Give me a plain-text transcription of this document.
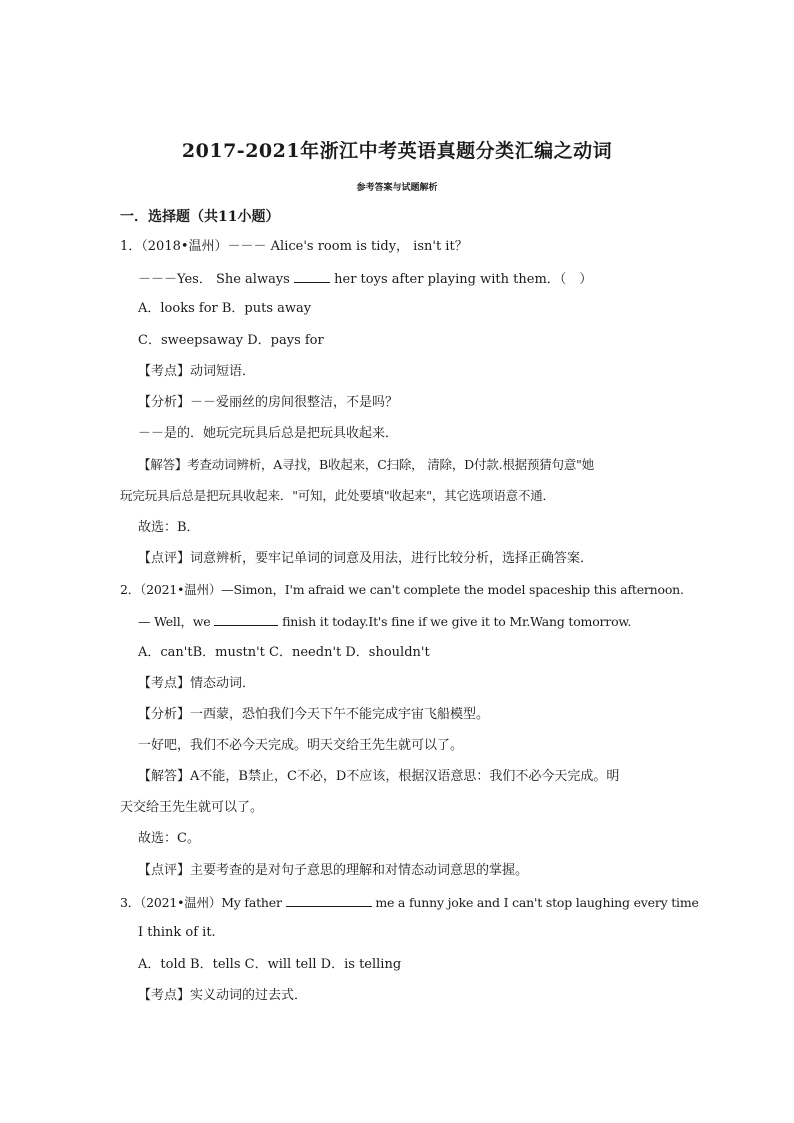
2017-2021年浙江中考英语真题分类汇编之动词
参考答案与试题解析
一．选择题（共11小题）
1．（2018•温州）－－－ Alice's room is tidy， isn't it？
－－－Yes． She always	her toys after playing with them．（　）
A．looks for B．puts away
C．sweepsaway D．pays for
【考点】动词短语．
【分析】－－爱丽丝的房间很整洁，不是吗？
－－是的．她玩完玩具后总是把玩具收起来．
【解答】考查动词辨析，A寻找，B收起来，C扫除， 清除，D付款.根据预猜句意"她
玩完玩具后总是把玩具收起来．"可知，此处要填"收起来"，其它选项语意不通．
故选：B．
【点评】词意辨析，要牢记单词的词意及用法，进行比较分析，选择正确答案．
2．（2021•温州）—Simon，I'm afraid we can't complete the model spaceship this afternoon.
— Well，we	finish it today.It's fine if we give it to Mr.Wang tomorrow.
A．can'tB．mustn't C．needn't D．shouldn't
【考点】情态动词．
【分析】一西蒙，恐怕我们今天下午不能完成宇宙飞船模型。
一好吧，我们不必今天完成。明天交给王先生就可以了。
【解答】A不能，B禁止，C不必，D不应该，根据汉语意思：我们不必今天完成。明
天交给王先生就可以了。
故选：C。
【点评】主要考查的是对句子意思的理解和对情态动词意思的掌握。
3．（2021•温州）My father	me a funny joke and I can't stop laughing every time
I think of it.
A．told B．tells C．will tell D．is telling
【考点】实义动词的过去式．
